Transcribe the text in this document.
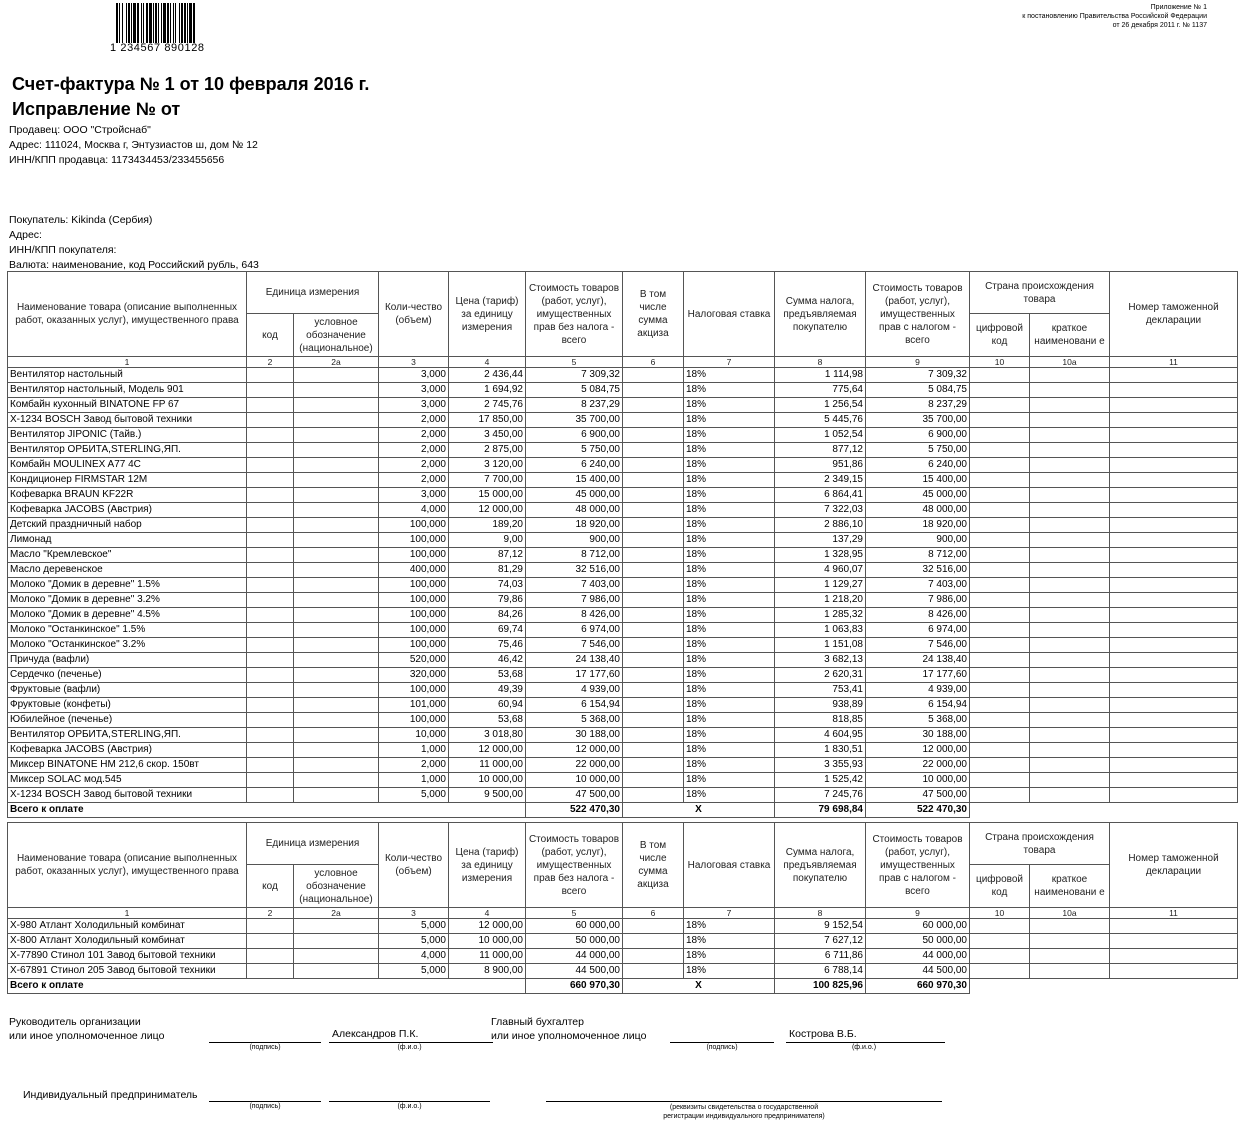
1 234567 890128
Приложение № 1
к постановлению Правительства Российской Федерации
от 26 декабря 2011 г. № 1137
Счет-фактура № 1 от 10 февраля 2016 г.
Исправление № от
Продавец: ООО "Стройснаб"
Адрес: 111024, Москва г, Энтузиастов ш, дом № 12
ИНН/КПП продавца: 1173434453/233455656
Покупатель: Kikinda (Сербия)
Адрес:
ИНН/КПП покупателя:
Валюта: наименование, код Российский рубль, 643
Наименование товара (описание выполненных работ, оказанных услуг), имущественного права	Единица измерения		Коли-чество (объем)	Цена (тариф) за единицу измерения	Стоимость товаров (работ, услуг), имущественных прав без налога - всего	В том числе сумма акциза	Налоговая ставка	Сумма налога, предъявляемая покупателю	Стоимость товаров (работ, услуг), имущественных прав с налогом - всего	Страна происхождения товара		Номер таможенной декларации
	код	условное обозначение (национальное)								цифровой код	краткое наименовани е	
1	2	2а	3	4	5	6	7	8	9	10	10а	11
Вентилятор настольный			3,000	2 436,44	7 309,32		18%	1 114,98	7 309,32			
Вентилятор настольный, Модель 901			3,000	1 694,92	5 084,75		18%	775,64	5 084,75			
Комбайн кухонный BINATONE FP 67			3,000	2 745,76	8 237,29		18%	1 256,54	8 237,29			
X-1234 BOSCH Завод бытовой техники			2,000	17 850,00	35 700,00		18%	5 445,76	35 700,00			
Вентилятор JIPONIC (Тайв.)			2,000	3 450,00	6 900,00		18%	1 052,54	6 900,00			
Вентилятор ОРБИТА,STERLING,ЯП.			2,000	2 875,00	5 750,00		18%	877,12	5 750,00			
Комбайн MOULINEX A77 4C			2,000	3 120,00	6 240,00		18%	951,86	6 240,00			
Кондиционер FIRMSTAR 12M			2,000	7 700,00	15 400,00		18%	2 349,15	15 400,00			
Кофеварка BRAUN KF22R			3,000	15 000,00	45 000,00		18%	6 864,41	45 000,00			
Кофеварка JACOBS (Австрия)			4,000	12 000,00	48 000,00		18%	7 322,03	48 000,00			
Детский праздничный набор			100,000	189,20	18 920,00		18%	2 886,10	18 920,00			
Лимонад			100,000	9,00	900,00		18%	137,29	900,00			
Масло "Кремлевское"			100,000	87,12	8 712,00		18%	1 328,95	8 712,00			
Масло деревенское			400,000	81,29	32 516,00		18%	4 960,07	32 516,00			
Молоко "Домик в деревне" 1.5%			100,000	74,03	7 403,00		18%	1 129,27	7 403,00			
Молоко "Домик в деревне" 3.2%			100,000	79,86	7 986,00		18%	1 218,20	7 986,00			
Молоко "Домик в деревне" 4.5%			100,000	84,26	8 426,00		18%	1 285,32	8 426,00			
Молоко "Останкинское" 1.5%			100,000	69,74	6 974,00		18%	1 063,83	6 974,00			
Молоко "Останкинское" 3.2%			100,000	75,46	7 546,00		18%	1 151,08	7 546,00			
Причуда (вафли)			520,000	46,42	24 138,40		18%	3 682,13	24 138,40			
Сердечко (печенье)			320,000	53,68	17 177,60		18%	2 620,31	17 177,60			
Фруктовые (вафли)			100,000	49,39	4 939,00		18%	753,41	4 939,00			
Фруктовые (конфеты)			101,000	60,94	6 154,94		18%	938,89	6 154,94			
Юбилейное (печенье)			100,000	53,68	5 368,00		18%	818,85	5 368,00			
Вентилятор ОРБИТА,STERLING,ЯП.			10,000	3 018,80	30 188,00		18%	4 604,95	30 188,00			
Кофеварка JACOBS (Австрия)			1,000	12 000,00	12 000,00		18%	1 830,51	12 000,00			
Миксер BINATONE HM 212,6 скор. 150вт			2,000	11 000,00	22 000,00		18%	3 355,93	22 000,00			
Миксер SOLAC мод.545			1,000	10 000,00	10 000,00		18%	1 525,42	10 000,00			
X-1234 BOSCH Завод бытовой техники			5,000	9 500,00	47 500,00		18%	7 245,76	47 500,00			
Всего к оплате					522 470,30	X		79 698,84	522 470,30			
Наименование товара (описание выполненных работ, оказанных услуг), имущественного права	Единица измерения		Коли-чество (объем)	Цена (тариф) за единицу измерения	Стоимость товаров (работ, услуг), имущественных прав без налога - всего	В том числе сумма акциза	Налоговая ставка	Сумма налога, предъявляемая покупателю	Стоимость товаров (работ, услуг), имущественных прав с налогом - всего	Страна происхождения товара		Номер таможенной декларации
	код	условное обозначение (национальное)								цифровой код	краткое наименовани е	
1	2	2а	3	4	5	6	7	8	9	10	10а	11
X-980 Атлант Холодильный комбинат			5,000	12 000,00	60 000,00		18%	9 152,54	60 000,00			
X-800 Атлант Холодильный комбинат			5,000	10 000,00	50 000,00		18%	7 627,12	50 000,00			
X-77890 Стинол 101 Завод бытовой техники			4,000	11 000,00	44 000,00		18%	6 711,86	44 000,00			
X-67891 Стинол 205 Завод бытовой техники			5,000	8 900,00	44 500,00		18%	6 788,14	44 500,00			
Всего к оплате					660 970,30	X		100 825,96	660 970,30			
Руководитель организации
или иное уполномоченное лицо
(подпись)
Александров П.К.
(ф.и.о.)
Главный бухгалтер
или иное уполномоченное лицо
(подпись)
Кострова В.Б.
(ф.и.о.)
Индивидуальный предприниматель
(подпись)	(ф.и.о.)	(реквизиты свидетельства о государственной
регистрации индивидуального предпринимателя)
